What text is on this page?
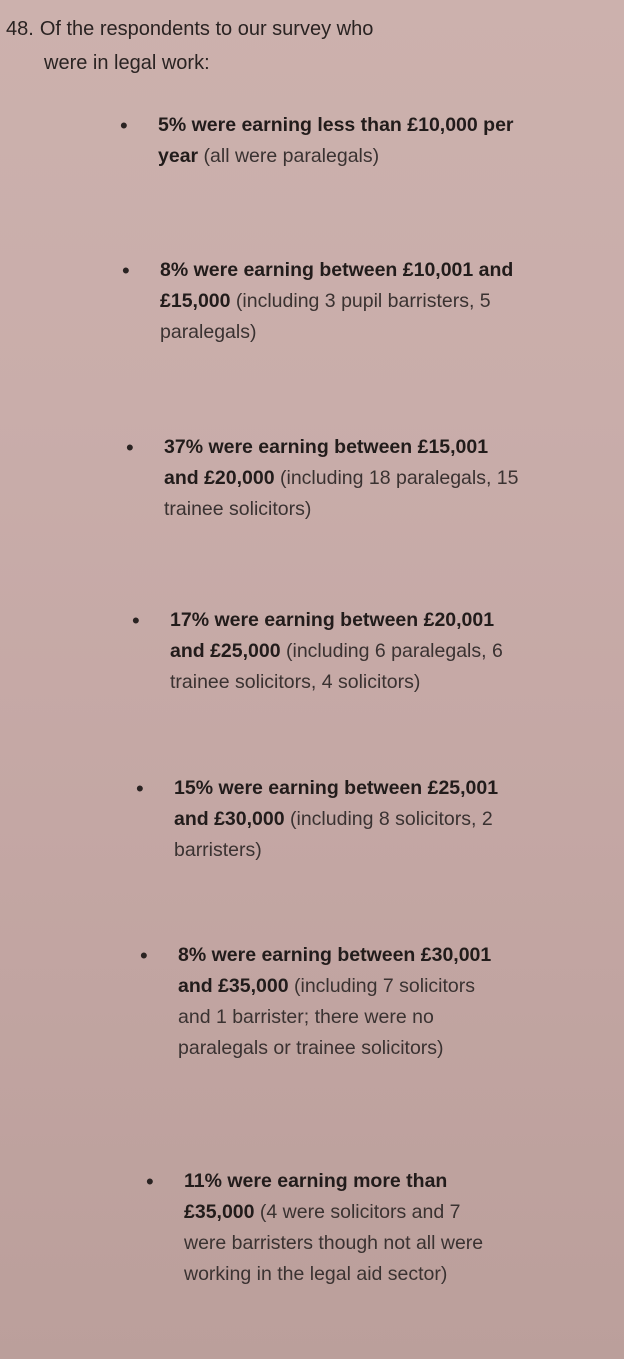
48. Of the respondents to our survey who
were in legal work:
• 5% were earning less than £10,000 per year (all were paralegals)
• 8% were earning between £10,001 and £15,000 (including 3 pupil barristers, 5 paralegals)
• 37% were earning between £15,001 and £20,000 (including 18 paralegals, 15 trainee solicitors)
• 17% were earning between £20,001 and £25,000 (including 6 paralegals, 6 trainee solicitors, 4 solicitors)
• 15% were earning between £25,001 and £30,000 (including 8 solicitors, 2 barristers)
• 8% were earning between £30,001 and £35,000 (including 7 solicitors and 1 barrister; there were no paralegals or trainee solicitors)
• 11% were earning more than £35,000 (4 were solicitors and 7 were barristers though not all were working in the legal aid sector)
